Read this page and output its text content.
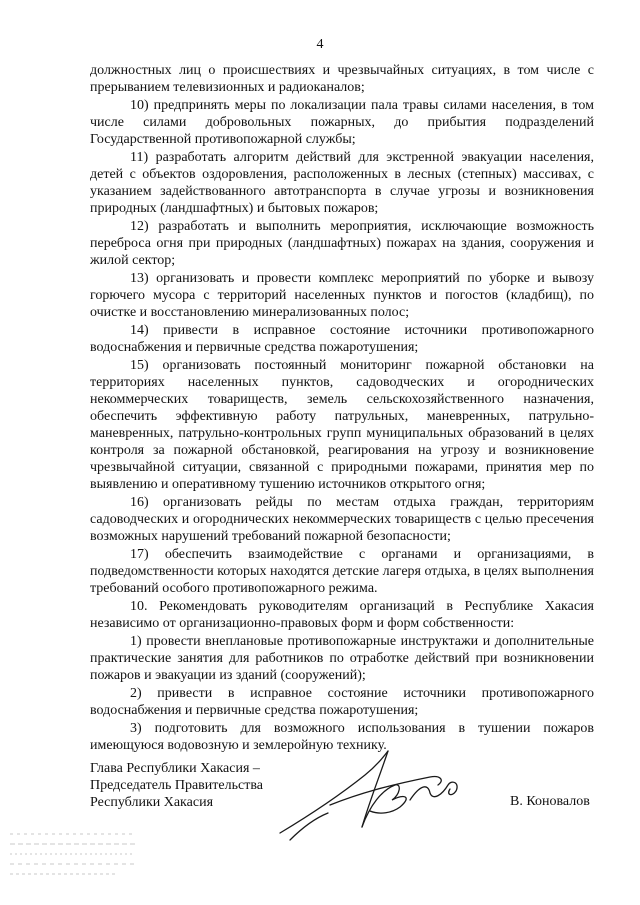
4

должностных лиц о происшествиях и чрезвычайных ситуациях, в том числе с прерыванием телевизионных и радиоканалов;

10) предпринять меры по локализации пала травы силами населения, в том числе силами добровольных пожарных, до прибытия подразделений Государственной противопожарной службы;

11) разработать алгоритм действий для экстренной эвакуации населения, детей с объектов оздоровления, расположенных в лесных (степных) массивах, с указанием задействованного автотранспорта в случае угрозы и возникновения природных (ландшафтных) и бытовых пожаров;

12) разработать и выполнить мероприятия, исключающие возможность переброса огня при природных (ландшафтных) пожарах на здания, сооружения и жилой сектор;

13) организовать и провести комплекс мероприятий по уборке и вывозу горючего мусора с территорий населенных пунктов и погостов (кладбищ), по очистке и восстановлению минерализованных полос;

14) привести в исправное состояние источники противопожарного водоснабжения и первичные средства пожаротушения;

15) организовать постоянный мониторинг пожарной обстановки на территориях населенных пунктов, садоводческих и огороднических некоммерческих товариществ, земель сельскохозяйственного назначения, обеспечить эффективную работу патрульных, маневренных, патрульно-маневренных, патрульно-контрольных групп муниципальных образований в целях контроля за пожарной обстановкой, реагирования на угрозу и возникновение чрезвычайной ситуации, связанной с природными пожарами, принятия мер по выявлению и оперативному тушению источников открытого огня;

16) организовать рейды по местам отдыха граждан, территориям садоводческих и огороднических некоммерческих товариществ с целью пресечения возможных нарушений требований пожарной безопасности;

17) обеспечить взаимодействие с органами и организациями, в подведомственности которых находятся детские лагеря отдыха, в целях выполнения требований особого противопожарного режима.

10. Рекомендовать руководителям организаций в Республике Хакасия независимо от организационно-правовых форм и форм собственности:

1) провести внеплановые противопожарные инструктажи и дополнительные практические занятия для работников по отработке действий при возникновении пожаров и эвакуации из зданий (сооружений);

2) привести в исправное состояние источники противопожарного водоснабжения и первичные средства пожаротушения;

3) подготовить для возможного использования в тушении пожаров имеющуюся водовозную и землеройную технику.

Глава Республики Хакасия –
Председатель Правительства
Республики Хакасия	В. Коновалов
